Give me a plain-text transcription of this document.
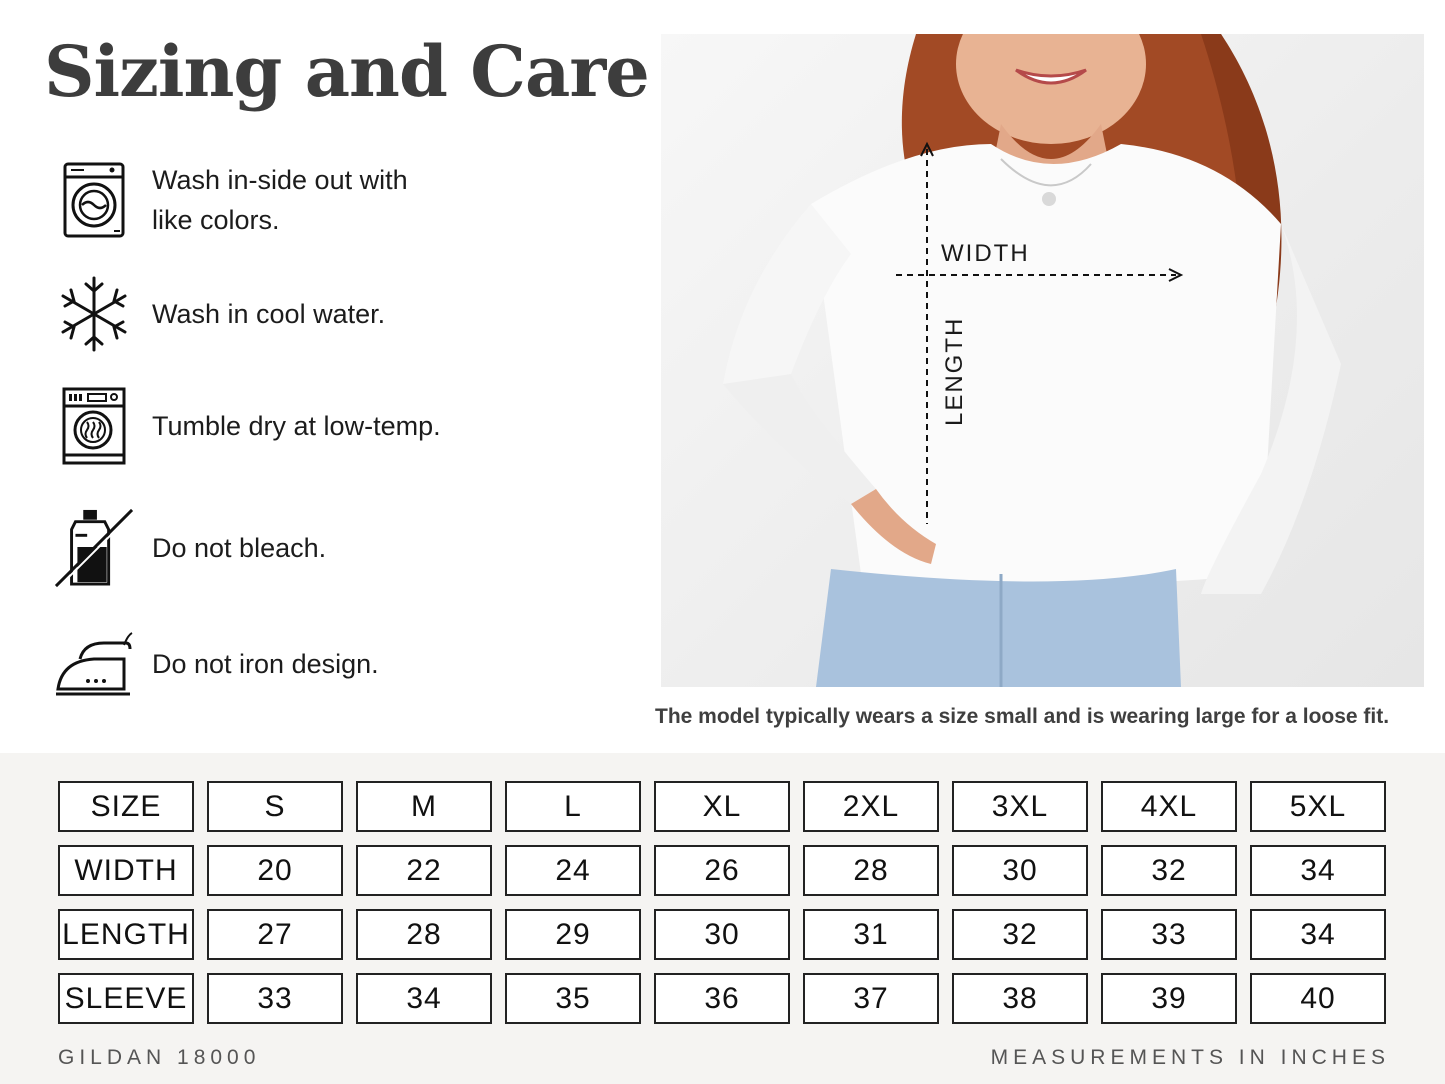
Sizing and Care
Wash in-side out with
like colors.
Wash in cool water.
Tumble dry at low-temp.
Do not bleach.
Do not iron design.
WIDTH
LENGTH
The model typically wears a size small and is wearing large for a loose fit.
SIZE	S	M	L	XL	2XL	3XL	4XL	5XL
WIDTH	20	22	24	26	28	30	32	34
LENGTH	27	28	29	30	31	32	33	34
SLEEVE	33	34	35	36	37	38	39	40
GILDAN 18000	MEASUREMENTS IN INCHES
